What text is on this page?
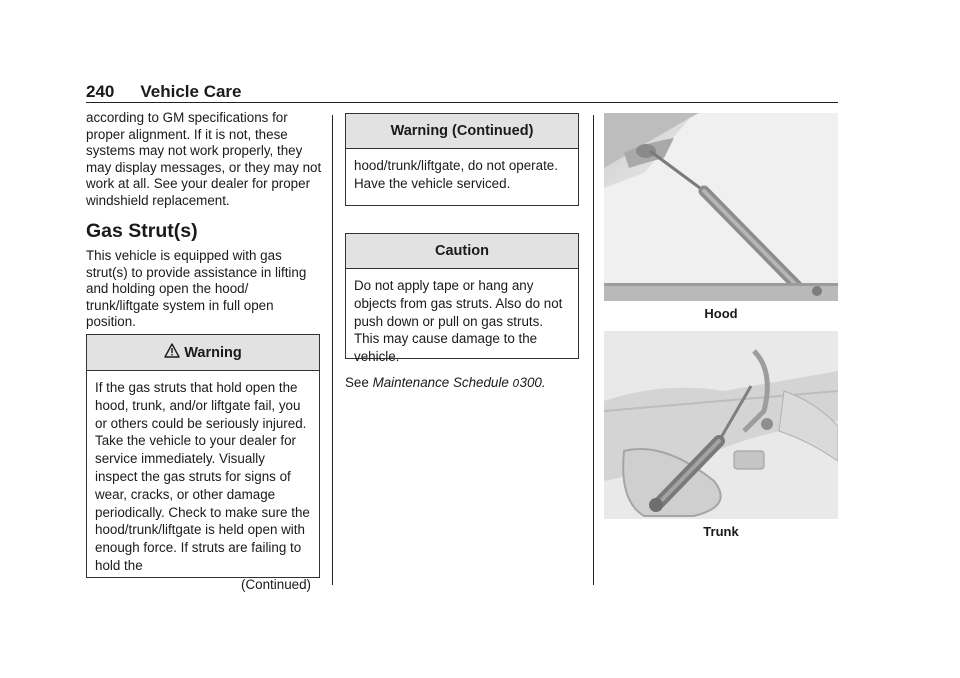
240 Vehicle Care
according to GM specifications for proper alignment. If it is not, these systems may not work properly, they may display messages, or they may not work at all. See your dealer for proper windshield replacement.
Gas Strut(s)
This vehicle is equipped with gas strut(s) to provide assistance in lifting and holding open the hood/ trunk/liftgate system in full open position.
Warning
If the gas struts that hold open the hood, trunk, and/or liftgate fail, you or others could be seriously injured. Take the vehicle to your dealer for service immediately. Visually inspect the gas struts for signs of wear, cracks, or other damage periodically. Check to make sure the hood/trunk/liftgate is held open with enough force. If struts are failing to hold the
(Continued)
Warning (Continued)
hood/trunk/liftgate, do not operate. Have the vehicle serviced.
Caution
Do not apply tape or hang any objects from gas struts. Also do not push down or pull on gas struts. This may cause damage to the vehicle.
See Maintenance Schedule 0300.
Hood
Trunk
